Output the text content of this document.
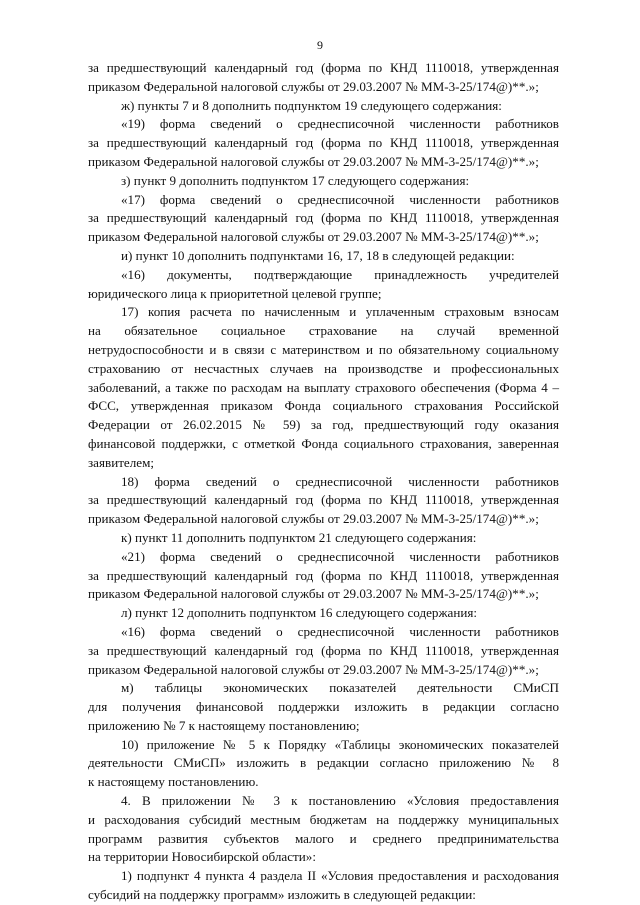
9
за предшествующий календарный год (форма по КНД 1110018, утвержденная
приказом Федеральной налоговой службы от 29.03.2007 № ММ-3-25/174@)**.»;
ж) пункты 7 и 8 дополнить подпунктом 19 следующего содержания:
«19) форма сведений о среднесписочной численности работников
за предшествующий календарный год (форма по КНД 1110018, утвержденная
приказом Федеральной налоговой службы от 29.03.2007 № ММ-3-25/174@)**.»;
з) пункт 9 дополнить подпунктом 17 следующего содержания:
«17) форма сведений о среднесписочной численности работников
за предшествующий календарный год (форма по КНД 1110018, утвержденная
приказом Федеральной налоговой службы от 29.03.2007 № ММ-3-25/174@)**.»;
и) пункт 10 дополнить подпунктами 16, 17, 18 в следующей редакции:
«16) документы, подтверждающие принадлежность учредителей
юридического лица к приоритетной целевой группе;
17) копия расчета по начисленным и уплаченным страховым взносам
на обязательное социальное страхование на случай временной
нетрудоспособности и в связи с материнством и по обязательному социальному
страхованию от несчастных случаев на производстве и профессиональных
заболеваний, а также по расходам на выплату страхового обеспечения (Форма 4 –
ФСС, утвержденная приказом Фонда социального страхования Российской
Федерации от 26.02.2015 № 59) за год, предшествующий году оказания
финансовой поддержки, с отметкой Фонда социального страхования, заверенная
заявителем;
18) форма сведений о среднесписочной численности работников
за предшествующий календарный год (форма по КНД 1110018, утвержденная
приказом Федеральной налоговой службы от 29.03.2007 № ММ-3-25/174@)**.»;
к) пункт 11 дополнить подпунктом 21 следующего содержания:
«21) форма сведений о среднесписочной численности работников
за предшествующий календарный год (форма по КНД 1110018, утвержденная
приказом Федеральной налоговой службы от 29.03.2007 № ММ-3-25/174@)**.»;
л) пункт 12 дополнить подпунктом 16 следующего содержания:
«16) форма сведений о среднесписочной численности работников
за предшествующий календарный год (форма по КНД 1110018, утвержденная
приказом Федеральной налоговой службы от 29.03.2007 № ММ-3-25/174@)**.»;
м) таблицы экономических показателей деятельности СМиСП
для получения финансовой поддержки изложить в редакции согласно
приложению № 7 к настоящему постановлению;
10) приложение № 5 к Порядку «Таблицы экономических показателей
деятельности СМиСП» изложить в редакции согласно приложению № 8
к настоящему постановлению.
4. В приложении № 3 к постановлению «Условия предоставления
и расходования субсидий местным бюджетам на поддержку муниципальных
программ развития субъектов малого и среднего предпринимательства
на территории Новосибирской области»:
1) подпункт 4 пункта 4 раздела II «Условия предоставления и расходования
субсидий на поддержку программ» изложить в следующей редакции:
